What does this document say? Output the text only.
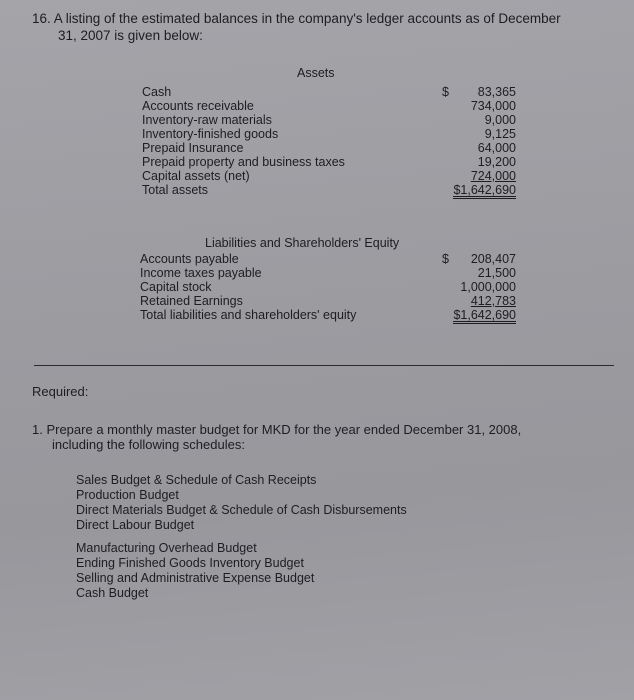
16. A listing of the estimated balances in the company's ledger accounts as of December
31, 2007 is given below:
Assets
Cash
Accounts receivable
Inventory-raw materials
Inventory-finished goods
Prepaid Insurance
Prepaid property and business taxes
Capital assets (net)
Total assets
$ 83,365
734,000
9,000
9,125
64,000
19,200
724,000
$1,642,690
Liabilities and Shareholders' Equity
Accounts payable
Income taxes payable
Capital stock
Retained Earnings
Total liabilities and shareholders' equity
$ 208,407
21,500
1,000,000
412,783
$1,642,690
Required:
1. Prepare a monthly master budget for MKD for the year ended December 31, 2008,
including the following schedules:
Sales Budget & Schedule of Cash Receipts
Production Budget
Direct Materials Budget & Schedule of Cash Disbursements
Direct Labour Budget
Manufacturing Overhead Budget
Ending Finished Goods Inventory Budget
Selling and Administrative Expense Budget
Cash Budget
